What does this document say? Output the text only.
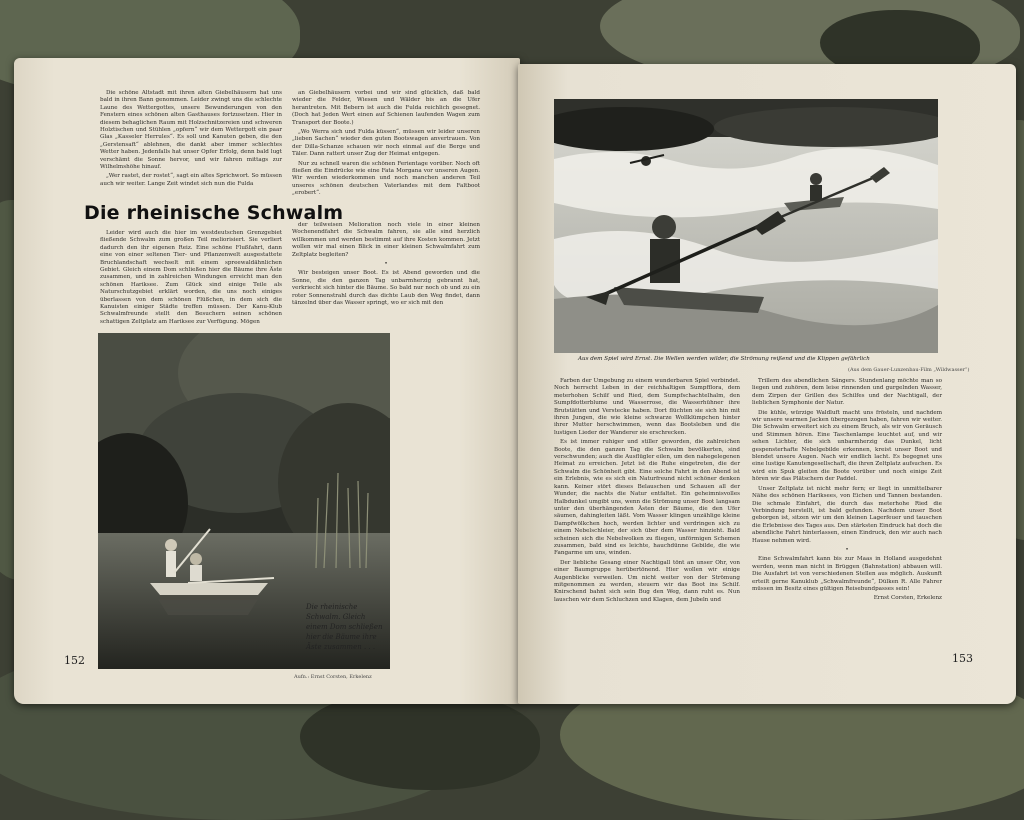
Die schöne Altstadt mit ihren alten Giebelhäusern hat uns bald in ihren Bann genommen. Leider zwingt uns die schlechte Laune des Wettergottes, unsere Bewunderungen von den Fenstern eines schönen alten Gasthauses fortzusetzen. Hier in diesem behaglichen Raum mit Holzschnitzereien und schweren Holztischen und Stühlen „opfern“ wir dem Wettergott ein paar Glas „Kasseler Herrules“. Es soll und Kanuten geben, die den „Gerstensaft“ ablehnen, die dankt aber immer schlechtes Wetter haben. Jedenfalls hat unser Opfer Erfolg, denn bald lugt verschämt die Sonne hervor, und wir fahren mittags zur Wilhelmshöhe hinauf.

„Wer rastet, der rostet“, sagt ein altes Sprichwort. So müssen auch wir weiter. Lange Zeit windet sich nun die Fulda

an Giebelhäusern vorbei und wir sind glücklich, daß bald wieder die Felder, Wiesen und Wälder bis an die Ufer herantreten. Mit Bebern ist auch die Fulda reichlich gesegnet. (Doch hat Jeden Wert einen auf Schienen laufenden Wagen zum Transport der Boote.)

„Wo Werra sich und Fulda küssen“, müssen wir leider unseren „lieben Sachen“ wieder den guten Bootswagen anvertrauen. Von der Dilla-Schanze schauen wir noch einmal auf die Berge und Täler. Dann rattert unser Zug der Heimat entgegen.

Nur zu schnell waren die schönen Ferientage vorüber. Noch oft fließen die Eindrücke wie eine Fata Morgana vor unseren Augen. Wir werden wiederkommen und noch manchen anderen Teil unseres schönen deutschen Vaterlandes mit dem Faltboot „erobert“.

Die rheinische Schwalm

Leider wird auch die hier im westdeutschen Grenzgebiet fließende Schwalm zum großen Teil meliorisiert. Sie verliert dadurch den ihr eigenen Reiz. Eine schöne Flußfahrt, dann eine von einer seltenen Tier- und Pflanzenwelt ausgestattete Bruchlandschaft wechselt mit einem spreewaldähnlichen Gebiet. Gleich einem Dom schließen hier die Bäume ihre Äste zusammen, und in zahlreichen Windungen erreicht man den schönen Hariksee. Zum Glück sind einige Teile als Naturschutzgebiet erklärt worden, die uns noch einiges überlassen von dem schönen Flüßchen, in dem sich die Kanuisten einiger Städte treffen müssen. Der Kanu-Klub Schwalmfreunde stellt den Besuchern seinen schönen schattigen Zeltplatz am Hariksee zur Verfügung. Mögen

der teilweisen Melioration noch viele in einer kleinen Wochenendfahrt die Schwalm fahren, sie alle sind herzlich willkommen und werden bestimmt auf ihre Kosten kommen. Jetzt wollen wir mal einen Blick in einer kleinen Schwalmfahrt zum Zeltplatz begleiten?

•

Wir besteigen unser Boot. Es ist Abend geworden und die Sonne, die den ganzen Tag unbarmherzig gebrannt hat, verkriecht sich hinter die Bäume. So bald nur noch ob und zu ein roter Sonnenstrahl durch das dichte Laub den Weg findet, dann tänzelnd über das Wasser springt, wo er sich mit den

Die rheinische Schwalm. Gleich einem Dom schließen hier die Bäume ihre Äste zusammen . . .
Aufn.: Ernst Corsten, Erkelenz
152
Aus dem Spiel wird Ernst. Die Wellen werden wilder, die Strömung reißend und die Klippen gefährlich
(Aus dem Gauer-Lunzenbau-Film „Wildwasser“)

Farben der Umgebung zu einem wunderbaren Spiel verbindet. Noch herrscht Leben in der reichhaltigen Sumpfflora, dem meterhohen Schilf und Ried, dem Sumpfschachtelhalm, den Sumpfdotterblume und Wasserrose, die Wasserhühner ihre Brutstätten und Verstecke haben. Dort flüchten sie sich hin mit ihren Jungen, die wie kleine schwarze Wollklümpchen hinter ihrer Mutter herschwimmen, wenn das Bootsleben und die lustigen Lieder der Wanderer sie erschrecken.

Es ist immer ruhiger und stiller geworden, die zahlreichen Boote, die den ganzen Tag die Schwalm bevölkerten, sind verschwunden; auch die Ausflügler eilen, um den nahegelegenen Heimat zu erreichen. Jetzt ist die Ruhe eingetreten, die der Schwalm die Schönheit gibt. Eine solche Fahrt in den Abend ist ein Erlebnis, wie es sich ein Naturfreund nicht schöner denken kann. Keiner stört dieses Belauschen und Schauen all der Wunder, die nachts die Natur entfaltet. Ein geheimnisvolles Halbdunkel umgibt uns, wenn die Strömung unser Boot langsam unter den überhängenden Ästen der Bäume, die den Ufer säumen, dahingleiten läßt. Vom Wasser klingen unzählige kleine Dampfwölkchen hoch, werden lichter und verdringen sich zu einem Nebelschleier, der sich über dem Wasser hinzieht. Bald scheinen sich die Nebelwolken zu fliegen, unförmigen Schemen zusammen, bald sind es leichte, hauchdünne Gebilde, die wie Fangarme um uns, winden.

Der liebliche Gesang einer Nachtigall tönt an unser Ohr, von einer Baumgruppe herübertönend. Hier wollen wir einige Augenblicke verweilen. Um nicht weiter von der Strömung mitgenommen zu werden, steuern wir das Boot ins Schilf. Knirschend bahnt sich sein Bug den Weg, dann ruht es. Nun lauschen wir dem Schluchzen und Klagen, dem Jubeln und

Trillern des abendlichen Sängers. Stundenlang möchte man so liegen und zuhören, dem leise rinnenden und gurgelnden Wasser, dem Zirpen der Grillen des Schilfes und der Nachtigall, der lieblichen Symphonie der Natur.

Die kühle, würzige Waldluft macht uns frösteln, und nachdem wir unsere warmen Jacken übergezogen haben, fahren wir weiter. Die Schwalm erweitert sich zu einem Bruch, als wir von Geräusch und Stimmen hören. Eine Taschenlampe leuchtet auf, und wir sehen Lichter, die sich unbarmherzig das Dunkel, licht gespensterhafte Nebelgebilde erkennen, kreist unser Boot und blendet unsere Augen. Nach wir endlich lacht. Es begegnet uns eine lustige Kanutengesellschaft, die ihren Zeltplatz aufsuchen. Es wird ein Spuk gleiten die Boote vorüber und noch einige Zeit hören wir das Plätschern der Paddel.

Unser Zeltplatz ist nicht mehr fern; er liegt in unmittelbarer Nähe des schönen Hariksees, von Eichen und Tannen bestanden. Die schmale Einfahrt, die durch das meterhohe Ried die Verbindung herstellt, ist bald gefunden. Nachdem unser Boot geborgen ist, sitzen wir um den kleinen Lagerfeuer und tauschen die Erlebnisse des Tages aus. Den stärksten Eindruck hat doch die abendliche Fahrt hinterlassen, einen Eindruck, den wir auch nach Hause nehmen wird.

•

Eine Schwalmfahrt kann bis zur Maas in Holland ausgedehnt werden, wenn man nicht in Brüggen (Bahnstation) abbauen will. Die Ausfahrt ist von verschiedenen Stellen aus möglich. Auskunft erteilt gerne Kanuklub „Schwalmfreunde“, Dülken R. Alle Fahrer müssen im Besitz eines gültigen Reisebundpasses sein!

Ernst Corsten, Erkelenz

153
